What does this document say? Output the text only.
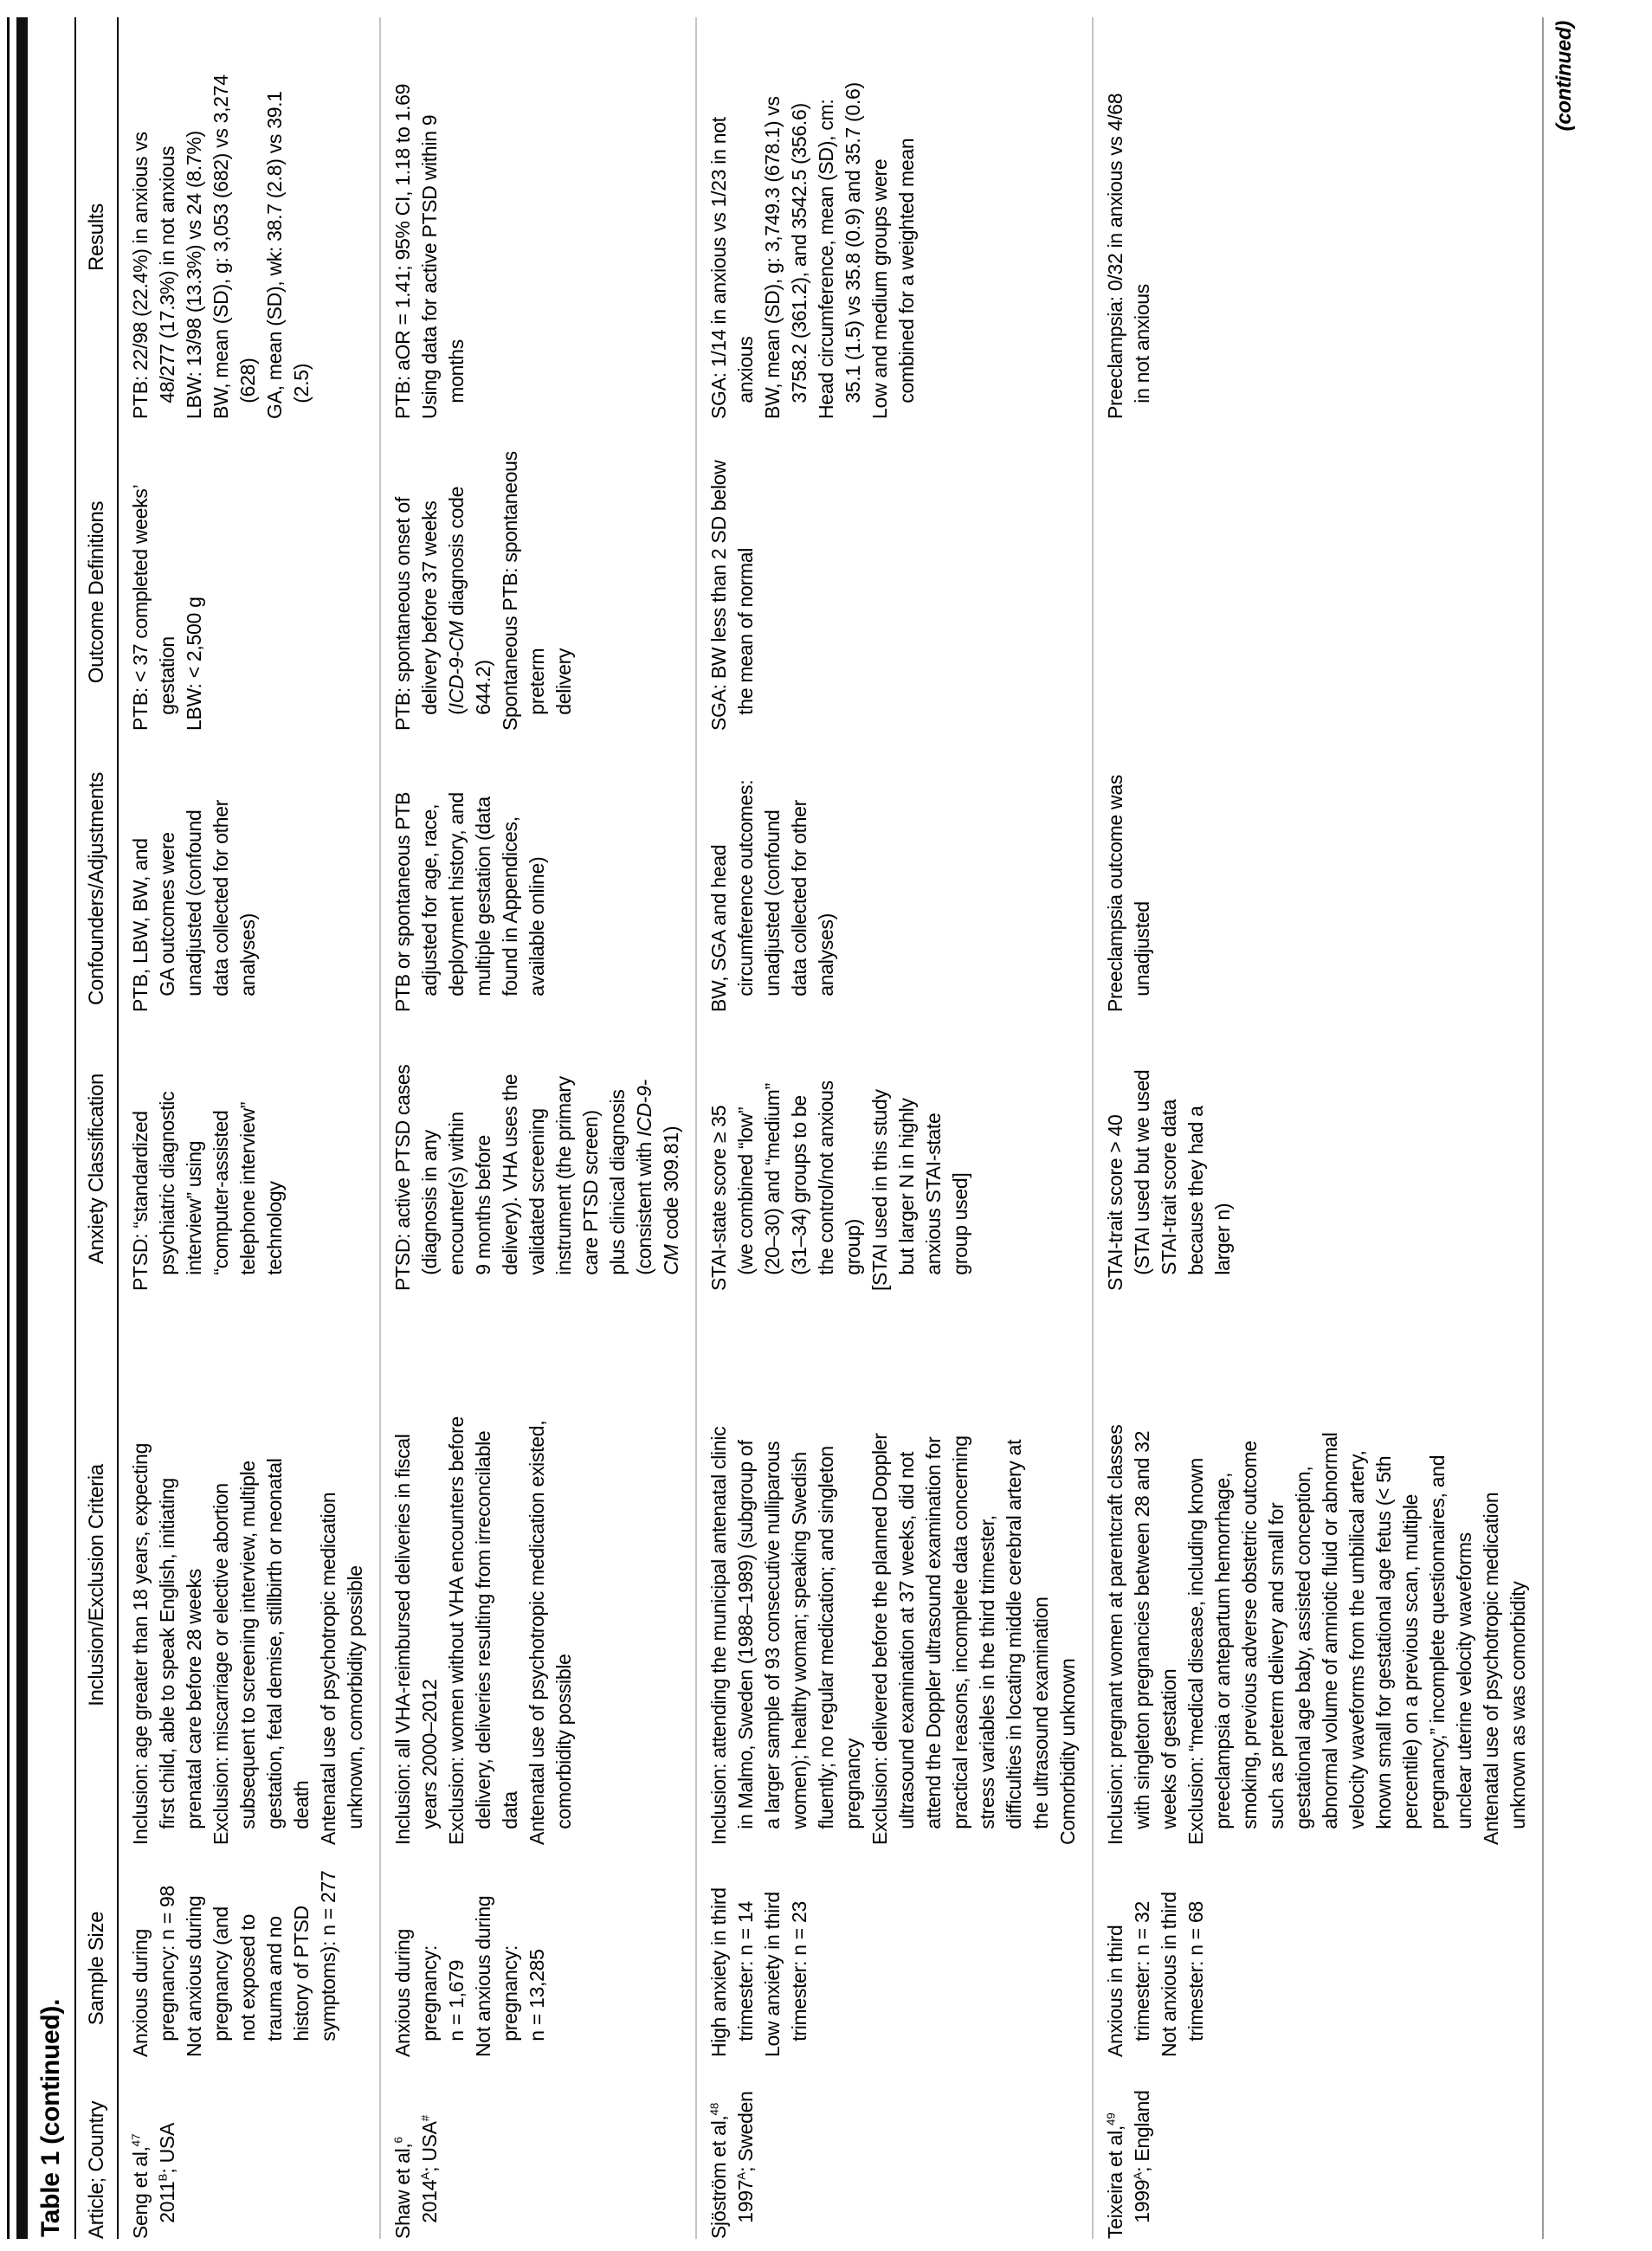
Table 1 (continued). Article; Country
Sample Size
Inclusion/Exclusion Criteria
Anxiety Classification
Confounders/Adjustments
Outcome Definitions
Results
Seng et al,$^{47}$
$2011^B$; USA
Anxious during pregnancy: n = 98 Not anxious during pregnancy (and not exposed to trauma and no history of PTSD symptoms): n = 277
Inclusion: age greater than 18 years, expecting first child, able to speak English, initiating prenatal care before 28 weeks Exclusion: miscarriage or elective abortion subsequent to screening interview, multiple gestation, fetal demise, stillbirth or neonatal death Antenatal use of psychotropic medication unknown, comorbidity possible
PTSD: “standardized psychiatric diagnostic interview” using “computer-assisted telephone interview” technology
PTB, LBW, BW, and GA outcomes were unadjusted (confound data collected for other analyses)
PTB: < 37 completed weeks’ gestation LBW: < 2,500 g
PTB: 22/98 (22.4%) in anxious vs 48/277 (17.3%) in not anxious LBW: 13/98 (13.3%) vs 24 (8.7%) BW, mean (SD), g: 3,053 (682) vs 3,274 (628) GA, mean (SD), wk: 38.7 (2.8) vs 39.1 (2.5)
Shaw et al,$^6$
$2014^A$; USA#
Anxious during pregnancy: n = 1,679 Not anxious during pregnancy: n = 13,285
Inclusion: all VHA-reimbursed deliveries in fiscal years 2000–2012 Exclusion: women without VHA encounters before delivery, deliveries resulting from irreconcilable data Antenatal use of psychotropic medication existed, comorbidity possible
PTSD: active PTSD cases (diagnosis in any encounter(s) within 9 months before delivery). VHA uses the validated screening instrument (the primary care PTSD screen) plus clinical diagnosis (consistent with ICD-9-
CM code 309.81)
PTB or spontaneous PTB adjusted for age, race, deployment history, and multiple gestation (data found in Appendices, available online)
PTB: spontaneous onset of delivery before 37 weeks (ICD-9-CM diagnosis code
644.2) Spontaneous PTB: spontaneous preterm delivery
PTB: aOR = 1.41; 95% CI, 1.18 to 1.69 Using data for active PTSD within 9 months
Sjöström et al,$^{48}$
$1997^A$; Sweden
High anxiety in third trimester: n = 14 Low anxiety in third trimester: n = 23
Inclusion: attending the municipal antenatal clinic in Malmo, Sweden (1988–1989) (subgroup of a larger sample of 93 consecutive nulliparous women); healthy woman; speaking Swedish fluently; no regular medication; and singleton pregnancy Exclusion: delivered before the planned Doppler ultrasound examination at 37 weeks, did not attend the Doppler ultrasound examination for practical reasons, incomplete data concerning stress variables in the third trimester, difficulties in locating middle cerebral artery at the ultrasound examination Comorbidity unknown
STAI-state score ≥ 35 (we combined “low” (20–30) and “medium” (31–34) groups to be the control/not anxious group) [STAI used in this study but larger N in highly anxious STAI-state group used]
BW, SGA and head circumference outcomes: unadjusted (confound data collected for other analyses)
SGA: BW less than 2 SD below the mean of normal
SGA: 1/14 in anxious vs 1/23 in not anxious BW, mean (SD), g: 3,749.3 (678.1) vs 3758.2 (361.2), and 3542.5 (356.6) Head circumference, mean (SD), cm: 35.1 (1.5) vs 35.8 (0.9) and 35.7 (0.6) Low and medium groups were combined for a weighted mean
Teixeira et al,$^{49}$
$1999^A$; England
Anxious in third trimester: n = 32 Not anxious in third trimester: n = 68
Inclusion: pregnant women at parentcraft classes with singleton pregnancies between 28 and 32 weeks of gestation Exclusion: “medical disease, including known preeclampsia or antepartum hemorrhage, smoking, previous adverse obstetric outcome such as preterm delivery and small for gestational age baby, assisted conception, abnormal volume of amniotic fluid or abnormal velocity waveforms from the umbilical artery, known small for gestational age fetus (< 5th percentile) on a previous scan, multiple pregnancy,” incomplete questionnaires, and unclear uterine velocity waveforms Antenatal use of psychotropic medication unknown as was comorbidity
STAI-trait score > 40 (STAI used but we used STAI-trait score data because they had a larger n)
Preeclampsia outcome was unadjusted
Preeclampsia: 0/32 in anxious vs 4/68 in not anxious
(continued)
